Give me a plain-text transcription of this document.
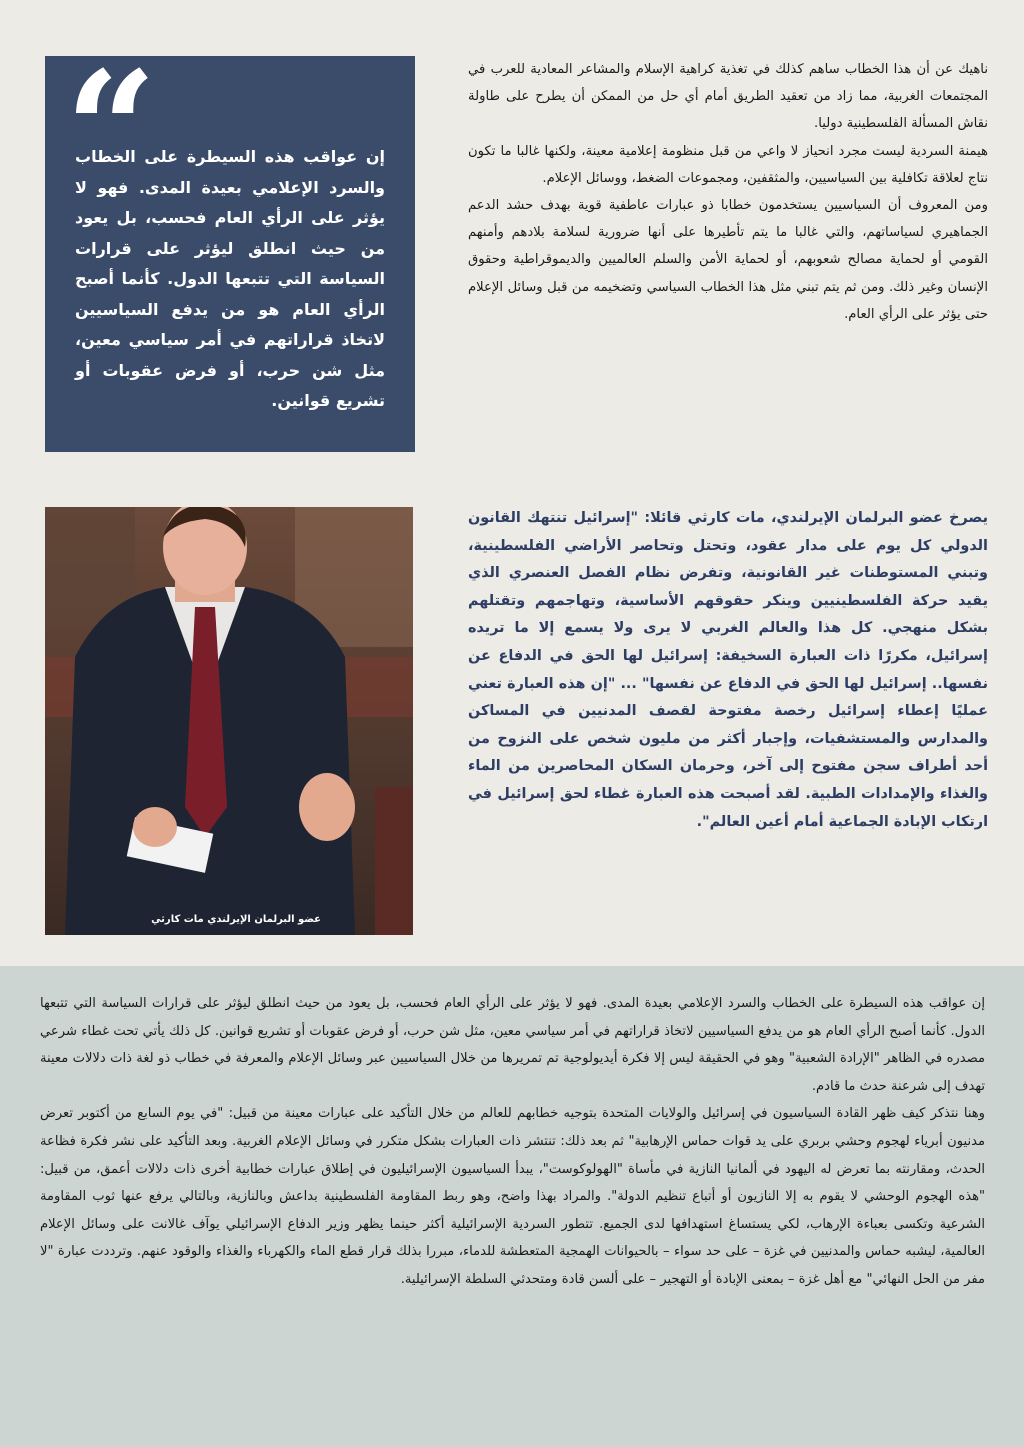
ناهيك عن أن هذا الخطاب ساهم كذلك في تغذية كراهية الإسلام والمشاعر المعادية للعرب في المجتمعات الغربية، مما زاد من تعقيد الطريق أمام أي حل من الممكن أن يطرح على طاولة نقاش المسألة الفلسطينية دوليا.

هيمنة السردية ليست مجرد انحياز لا واعي من قبل منظومة إعلامية معينة، ولكنها غالبا ما تكون نتاج لعلاقة تكافلية بين السياسيين، والمثقفين، ومجموعات الضغط، ووسائل الإعلام.

ومن المعروف أن السياسيين يستخدمون خطابا ذو عبارات عاطفية قوية بهدف حشد الدعم الجماهيري لسياساتهم، والتي غالبا ما يتم تأطيرها على أنها ضرورية لسلامة بلادهم وأمنهم القومي أو لحماية مصالح شعوبهم، أو لحماية الأمن والسلم العالميين والديموقراطية وحقوق الإنسان وغير ذلك. ومن ثم يتم تبني مثل هذا الخطاب السياسي وتضخيمه من قبل وسائل الإعلام حتى يؤثر على الرأي العام.

“
إن عواقب هذه السيطرة على الخطاب والسرد الإعلامي بعيدة المدى. فهو لا يؤثر على الرأي العام فحسب، بل يعود من حيث انطلق ليؤثر على قرارات السياسة التي تتبعها الدول. كأنما أصبح الرأي العام هو من يدفع السياسيين لاتخاذ قراراتهم في أمر سياسي معين، مثل شن حرب، أو فرض عقوبات أو تشريع قوانين.
عضو البرلمان الإيرلندي مات كارثي

يصرخ عضو البرلمان الإيرلندي، مات كارثي قائلا: "إسرائيل تنتهك القانون الدولي كل يوم على مدار عقود، وتحتل وتحاصر الأراضي الفلسطينية، وتبني المستوطنات غير القانونية، وتفرض نظام الفصل العنصري الذي يقيد حركة الفلسطينيين وينكر حقوقهم الأساسية، وتهاجمهم وتقتلهم بشكل منهجي. كل هذا والعالم الغربي لا يرى ولا يسمع إلا ما تريده إسرائيل، مكررًا ذات العبارة السخيفة: إسرائيل لها الحق في الدفاع عن نفسها.. إسرائيل لها الحق في الدفاع عن نفسها" ... "إن هذه العبارة تعني عمليًا إعطاء إسرائيل رخصة مفتوحة لقصف المدنيين في المساكن والمدارس والمستشفيات، وإجبار أكثر من مليون شخص على النزوح من أحد أطراف سجن مفتوح إلى آخر، وحرمان السكان المحاصرين من الماء والغذاء والإمدادات الطبية. لقد أصبحت هذه العبارة غطاء لحق إسرائيل في ارتكاب الإبادة الجماعية أمام أعين العالم".

إن عواقب هذه السيطرة على الخطاب والسرد الإعلامي بعيدة المدى. فهو لا يؤثر على الرأي العام فحسب، بل يعود من حيث انطلق ليؤثر على قرارات السياسة التي تتبعها الدول. كأنما أصبح الرأي العام هو من يدفع السياسيين لاتخاذ قراراتهم في أمر سياسي معين، مثل شن حرب، أو فرض عقوبات أو تشريع قوانين. كل ذلك يأتي تحت غطاء شرعي مصدره في الظاهر "الإرادة الشعبية" وهو في الحقيقة ليس إلا فكرة أيديولوجية تم تمريرها من خلال السياسيين عبر وسائل الإعلام والمعرفة في خطاب ذو لغة ذات دلالات معينة تهدف إلى شرعنة حدث ما قادم.

وهنا نتذكر كيف ظهر القادة السياسيون في إسرائيل والولايات المتحدة بتوجيه خطابهم للعالم من خلال التأكيد على عبارات معينة من قبيل: "في يوم السابع من أكتوبر تعرض مدنيون أبرياء لهجوم وحشي بربري على يد قوات حماس الإرهابية" ثم بعد ذلك: تنتشر ذات العبارات بشكل متكرر في وسائل الإعلام الغربية. وبعد التأكيد على نشر فكرة فظاعة الحدث، ومقارنته بما تعرض له اليهود في ألمانيا النازية في مأساة "الهولوكوست"، يبدأ السياسيون الإسرائيليون في إطلاق عبارات خطابية أخرى ذات دلالات أعمق، من قبيل: "هذه الهجوم الوحشي لا يقوم به إلا النازيون أو أتباع تنظيم الدولة". والمراد بهذا واضح، وهو ربط المقاومة الفلسطينية بداعش وبالنازية، وبالتالي يرفع عنها ثوب المقاومة الشرعية وتكسى بعباءة الإرهاب، لكي يستساغ استهدافها لدى الجميع. تتطور السردية الإسرائيلية أكثر حينما يظهر وزير الدفاع الإسرائيلي يوآف غالانت على وسائل الإعلام العالمية، ليشبه حماس والمدنيين في غزة – على حد سواء – بالحيوانات الهمجية المتعطشة للدماء، مبررا بذلك قرار قطع الماء والكهرباء والغذاء والوقود عنهم. وترددت عبارة "لا مفر من الحل النهائي" مع أهل غزة – بمعنى الإبادة أو التهجير – على ألسن قادة ومتحدثي السلطة الإسرائيلية.
